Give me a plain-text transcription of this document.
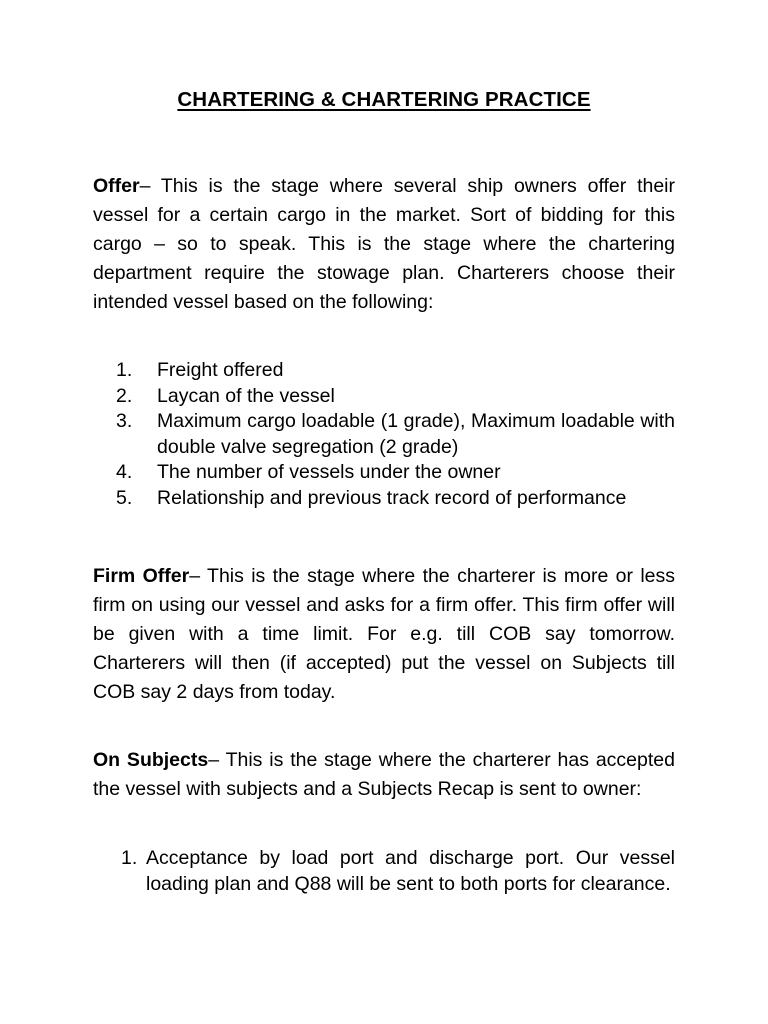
CHARTERING & CHARTERING PRACTICE

Offer– This is the stage where several ship owners offer their vessel for a certain cargo in the market. Sort of bidding for this cargo – so to speak. This is the stage where the chartering department require the stowage plan. Charterers choose their intended vessel based on the following:

1. Freight offered
2. Laycan of the vessel
3. Maximum cargo loadable (1 grade), Maximum loadable with double valve segregation (2 grade)
4. The number of vessels under the owner
5. Relationship and previous track record of performance

Firm Offer– This is the stage where the charterer is more or less firm on using our vessel and asks for a firm offer. This firm offer will be given with a time limit. For e.g. till COB say tomorrow. Charterers will then (if accepted) put the vessel on Subjects till COB say 2 days from today.

On Subjects– This is the stage where the charterer has accepted the vessel with subjects and a Subjects Recap is sent to owner:

1. Acceptance by load port and discharge port. Our vessel loading plan and Q88 will be sent to both ports for clearance.
